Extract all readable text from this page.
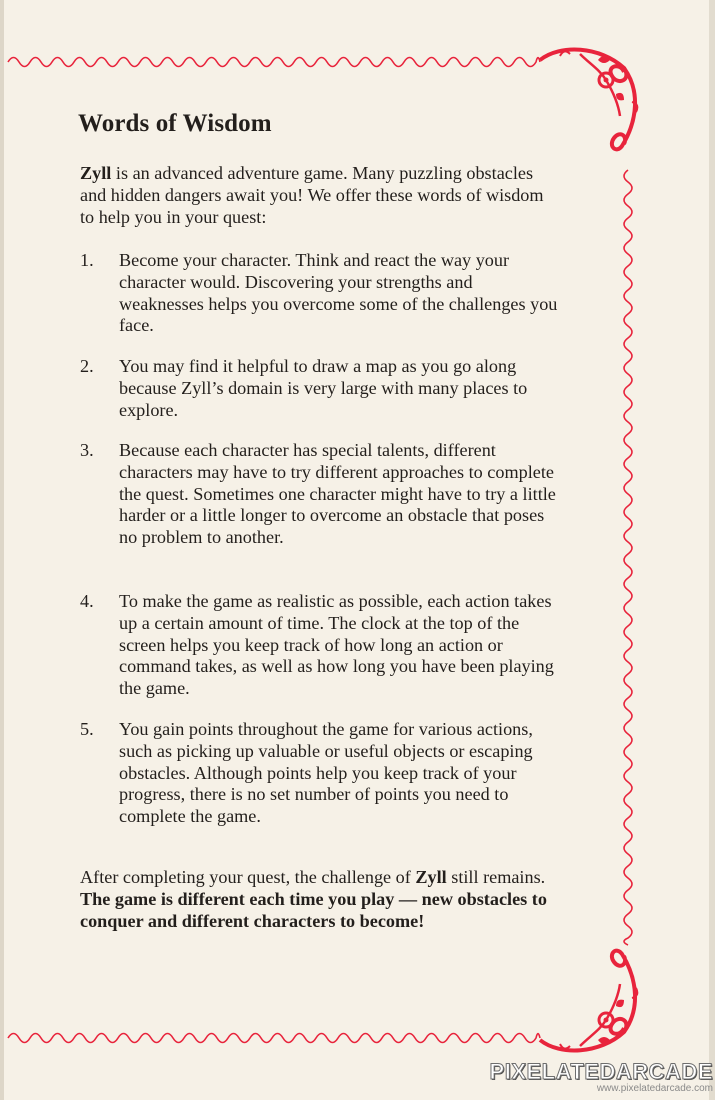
Words of Wisdom

Zyll is an advanced adventure game. Many puzzling obstacles and hidden dangers await you! We offer these words of wisdom to help you in your quest:

1. Become your character. Think and react the way your character would. Discovering your strengths and weaknesses helps you overcome some of the challenges you face.

2. You may find it helpful to draw a map as you go along because Zyll’s domain is very large with many places to explore.

3. Because each character has special talents, different characters may have to try different approaches to complete the quest. Sometimes one character might have to try a little harder or a little longer to overcome an obstacle that poses no problem to another.

4. To make the game as realistic as possible, each action takes up a certain amount of time. The clock at the top of the screen helps you keep track of how long an action or command takes, as well as how long you have been playing the game.

5. You gain points throughout the game for various actions, such as picking up valuable or useful objects or escaping obstacles. Although points help you keep track of your progress, there is no set number of points you need to complete the game.

After completing your quest, the challenge of Zyll still remains. The game is different each time you play — new obstacles to conquer and different characters to become!

PIXELATEDARCADE
www.pixelatedarcade.com
